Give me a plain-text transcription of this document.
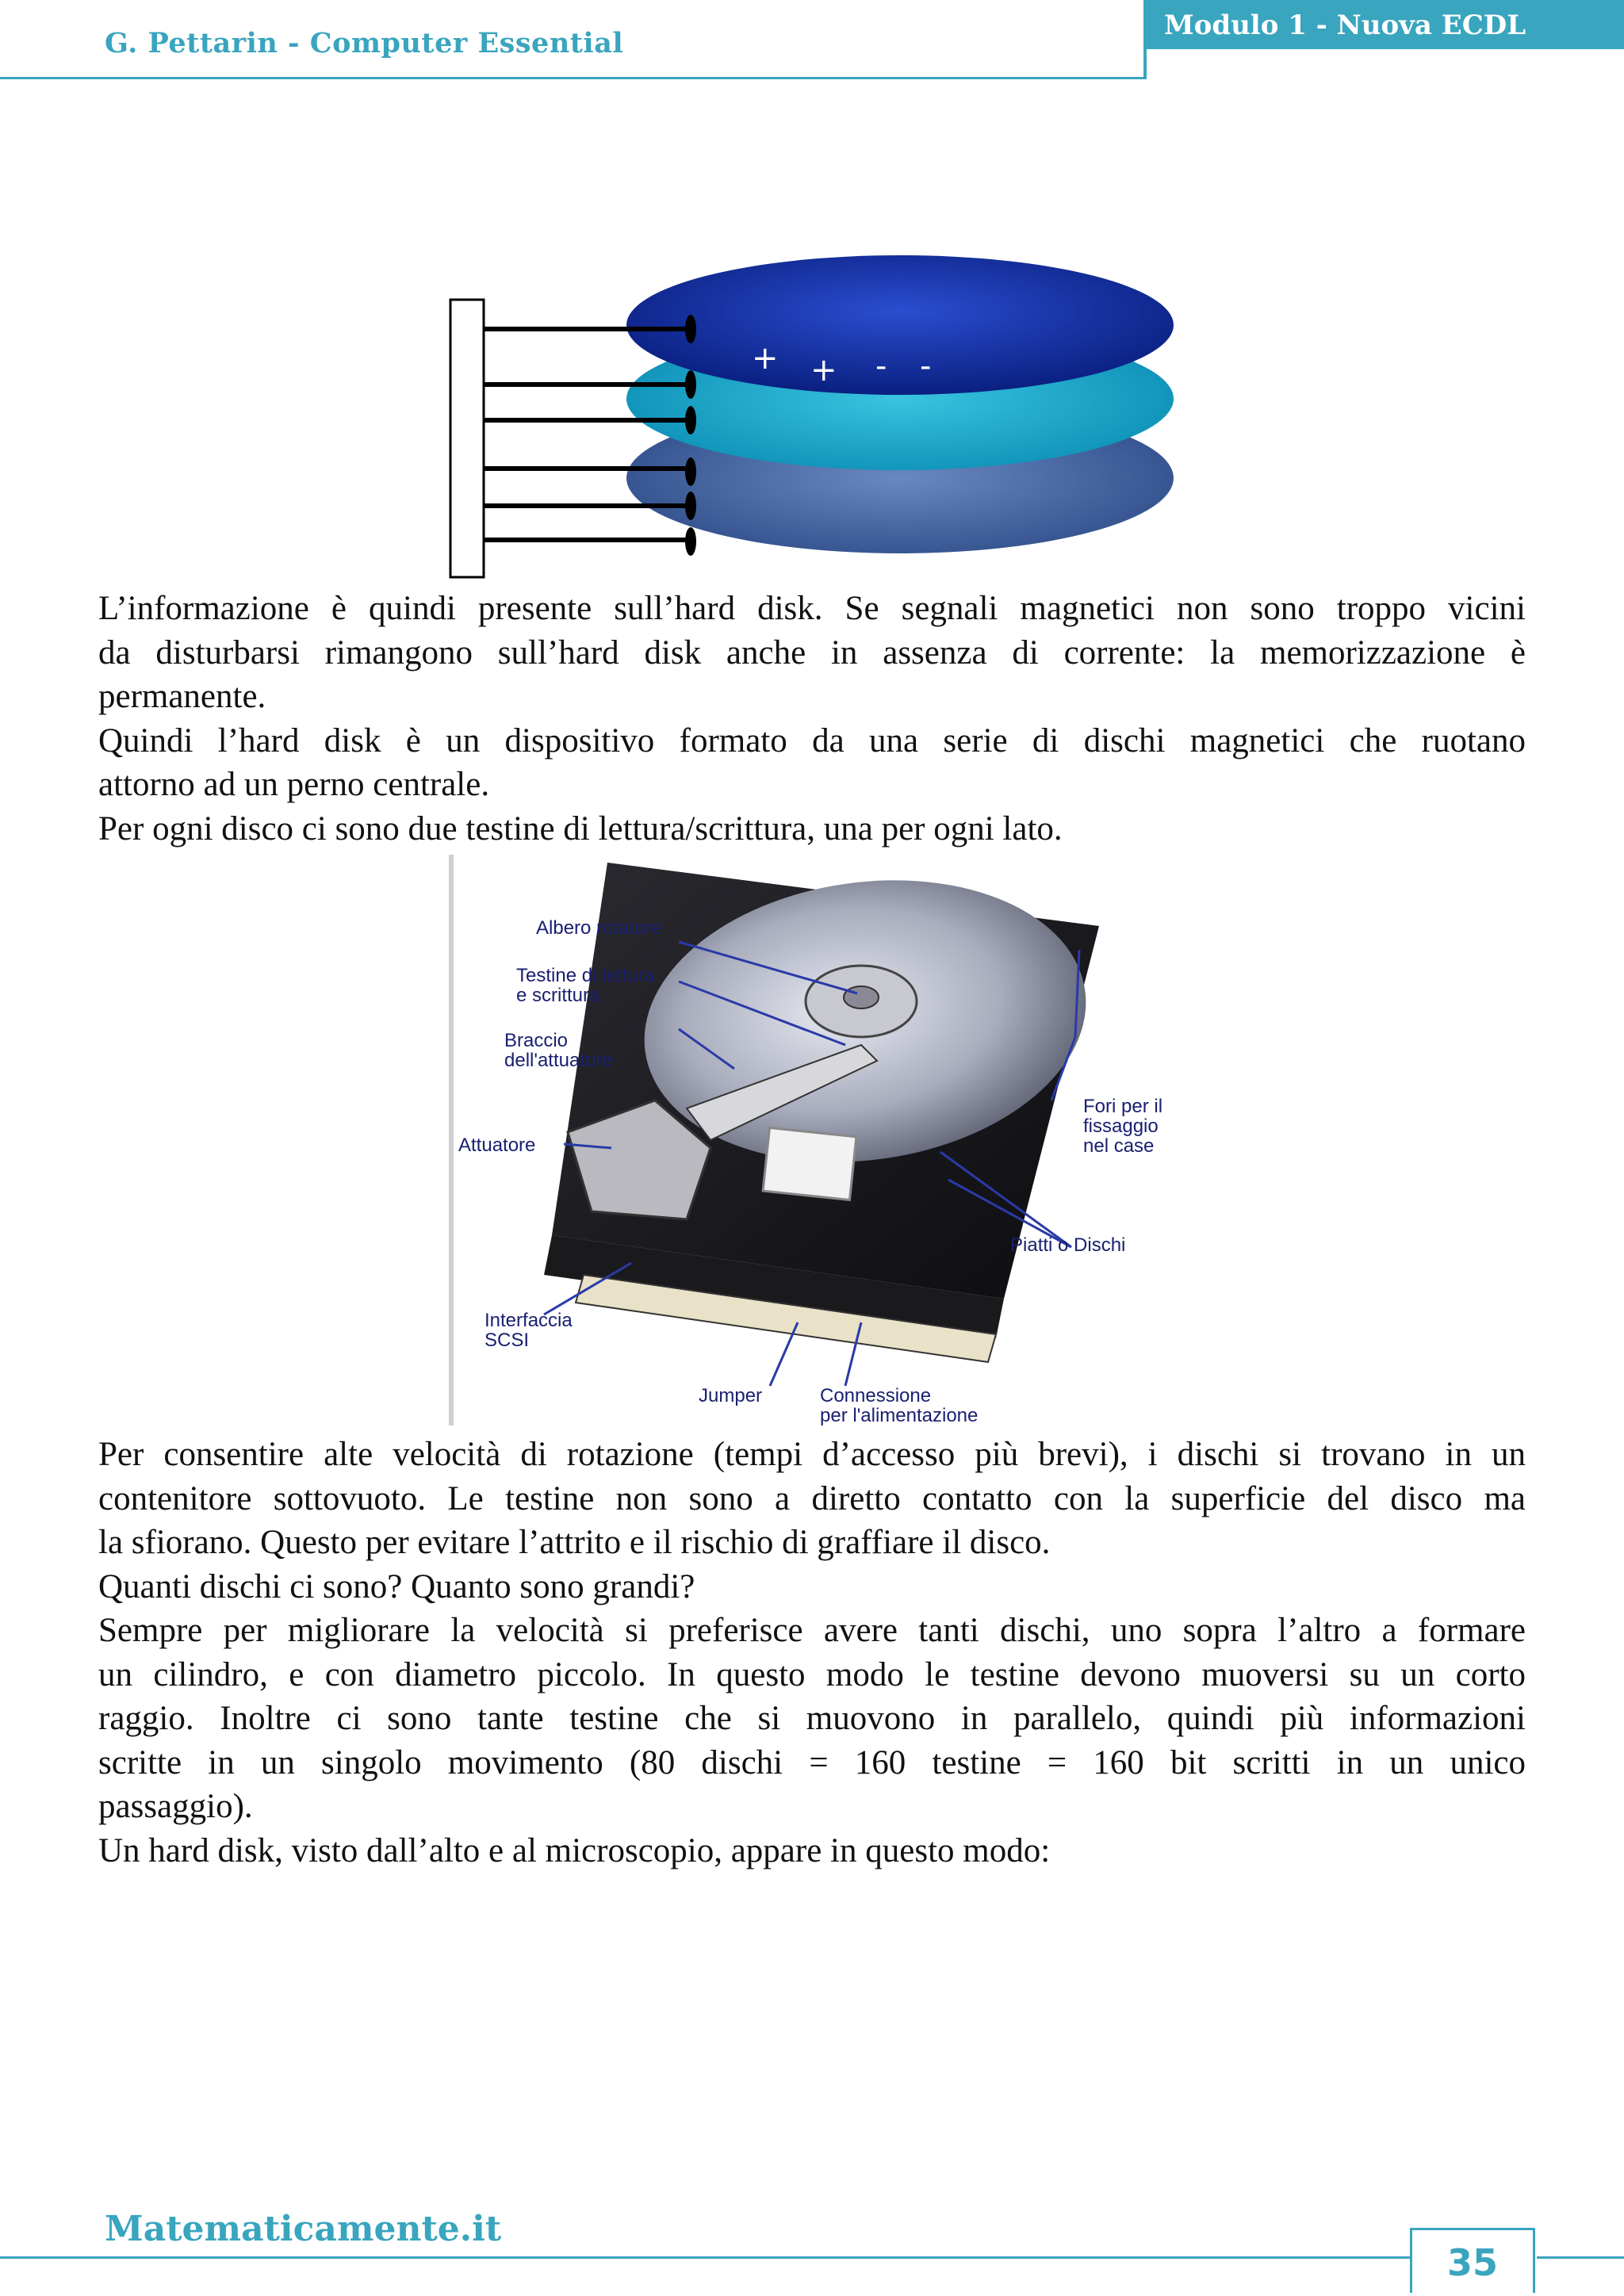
G. Pettarin - Computer Essential
Modulo 1 - Nuova ECDL
+ + - -
L’informazione è quindi presente sull’hard disk. Se segnali magnetici non sono troppo vicini
da disturbarsi rimangono sull’hard disk anche in assenza di corrente: la memorizzazione è
permanente.
Quindi l’hard disk è un dispositivo formato da una serie di dischi magnetici che ruotano
attorno ad un perno centrale.
Per ogni disco ci sono due testine di lettura/scrittura, una per ogni lato.
Albero rotatore
Testine di lettura
e scrittura
Braccio
dell'attuatore
Attuatore
Fori per il
fissaggio
nel case
Piatti o Dischi
Interfaccia
SCSI
Jumper	Connessione
per l'alimentazione
Per consentire alte velocità di rotazione (tempi d’accesso più brevi), i dischi si trovano in un
contenitore sottovuoto. Le testine non sono a diretto contatto con la superficie del disco ma
la sfiorano. Questo per evitare l’attrito e il rischio di graffiare il disco.
Quanti dischi ci sono? Quanto sono grandi?
Sempre per migliorare la velocità si preferisce avere tanti dischi, uno sopra l’altro a formare
un cilindro, e con diametro piccolo. In questo modo le testine devono muoversi su un corto
raggio. Inoltre ci sono tante testine che si muovono in parallelo, quindi più informazioni
scritte in un singolo movimento (80 dischi = 160 testine = 160 bit scritti in un unico
passaggio).
Un hard disk, visto dall’alto e al microscopio, appare in questo modo:
Matematicamente.it
35
